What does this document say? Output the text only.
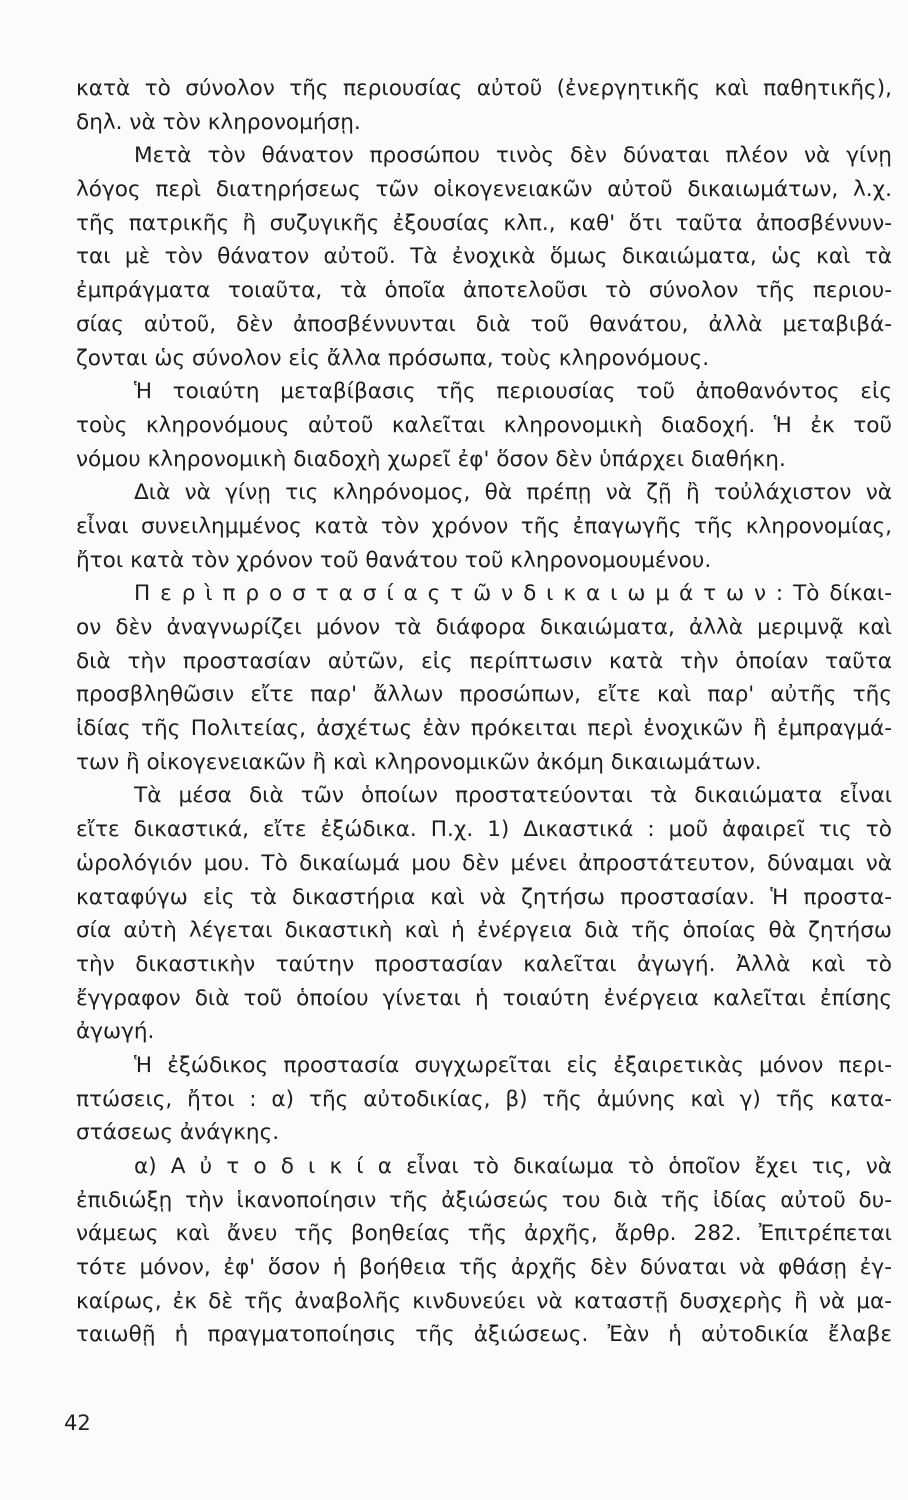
κατὰ τὸ σύνολον τῆς περιουσίας αὐτοῦ (ἐνεργητικῆς καὶ παθητικῆς),
δηλ. νὰ τὸν κληρονομήσῃ.
Μετὰ τὸν θάνατον προσώπου τινὸς δὲν δύναται πλέον νὰ γίνῃ
λόγος περὶ διατηρήσεως τῶν οἰκογενειακῶν αὐτοῦ δικαιωμάτων, λ.χ.
τῆς πατρικῆς ἢ συζυγικῆς ἐξουσίας κλπ., καθ' ὅτι ταῦτα ἀποσβέννυν-
ται μὲ τὸν θάνατον αὐτοῦ. Τὰ ἐνοχικὰ ὅμως δικαιώματα, ὡς καὶ τὰ
ἐμπράγματα τοιαῦτα, τὰ ὁποῖα ἀποτελοῦσι τὸ σύνολον τῆς περιου-
σίας αὐτοῦ, δὲν ἀποσβέννυνται διὰ τοῦ θανάτου, ἀλλὰ μεταβιβά-
ζονται ὡς σύνολον εἰς ἄλλα πρόσωπα, τοὺς κληρονόμους.
Ἡ τοιαύτη μεταβίβασις τῆς περιουσίας τοῦ ἀποθανόντος εἰς
τοὺς κληρονόμους αὐτοῦ καλεῖται κληρονομικὴ διαδοχή. Ἡ ἐκ τοῦ
νόμου κληρονομικὴ διαδοχὴ χωρεῖ ἐφ' ὅσον δὲν ὑπάρχει διαθήκη.
Διὰ νὰ γίνῃ τις κληρόνομος, θὰ πρέπῃ νὰ ζῇ ἢ τοὐλάχιστον νὰ
εἶναι συνειλημμένος κατὰ τὸν χρόνον τῆς ἐπαγωγῆς τῆς κληρονομίας,
ἤτοι κατὰ τὸν χρόνον τοῦ θανάτου τοῦ κληρονομουμένου.
Π ε ρ ὶ π ρ ο σ τ α σ ί α ς τ ῶ ν δ ι κ α ι ω μ ά τ ω ν : Τὸ δίκαι-
ον δὲν ἀναγνωρίζει μόνον τὰ διάφορα δικαιώματα, ἀλλὰ μεριμνᾷ καὶ
διὰ τὴν προστασίαν αὐτῶν, εἰς περίπτωσιν κατὰ τὴν ὁποίαν ταῦτα
προσβληθῶσιν εἴτε παρ' ἄλλων προσώπων, εἴτε καὶ παρ' αὐτῆς τῆς
ἰδίας τῆς Πολιτείας, ἀσχέτως ἐὰν πρόκειται περὶ ἐνοχικῶν ἢ ἐμπραγμά-
των ἢ οἰκογενειακῶν ἢ καὶ κληρονομικῶν ἀκόμη δικαιωμάτων.
Τὰ μέσα διὰ τῶν ὁποίων προστατεύονται τὰ δικαιώματα εἶναι
εἴτε δικαστικά, εἴτε ἐξώδικα. Π.χ. 1) Δικαστικά : μοῦ ἀφαιρεῖ τις τὸ
ὡρολόγιόν μου. Τὸ δικαίωμά μου δὲν μένει ἀπροστάτευτον, δύναμαι νὰ
καταφύγω εἰς τὰ δικαστήρια καὶ νὰ ζητήσω προστασίαν. Ἡ προστα-
σία αὐτὴ λέγεται δικαστικὴ καὶ ἡ ἐνέργεια διὰ τῆς ὁποίας θὰ ζητήσω
τὴν δικαστικὴν ταύτην προστασίαν καλεῖται ἀγωγή. Ἀλλὰ καὶ τὸ
ἔγγραφον διὰ τοῦ ὁποίου γίνεται ἡ τοιαύτη ἐνέργεια καλεῖται ἐπίσης
ἀγωγή.
Ἡ ἐξώδικος προστασία συγχωρεῖται εἰς ἐξαιρετικὰς μόνον περι-
πτώσεις, ἤτοι : α) τῆς αὐτοδικίας, β) τῆς ἀμύνης καὶ γ) τῆς κατα-
στάσεως ἀνάγκης.
α) Α ὐ τ ο δ ι κ ί α εἶναι τὸ δικαίωμα τὸ ὁποῖον ἔχει τις, νὰ
ἐπιδιώξῃ τὴν ἱκανοποίησιν τῆς ἀξιώσεώς του διὰ τῆς ἰδίας αὐτοῦ δυ-
νάμεως καὶ ἄνευ τῆς βοηθείας τῆς ἀρχῆς, ἄρθρ. 282. Ἐπιτρέπεται
τότε μόνον, ἐφ' ὅσον ἡ βοήθεια τῆς ἀρχῆς δὲν δύναται νὰ φθάσῃ ἐγ-
καίρως, ἐκ δὲ τῆς ἀναβολῆς κινδυνεύει νὰ καταστῇ δυσχερὴς ἢ νὰ μα-
ταιωθῇ ἡ πραγματοποίησις τῆς ἀξιώσεως. Ἐὰν ἡ αὐτοδικία ἔλαβε
42
